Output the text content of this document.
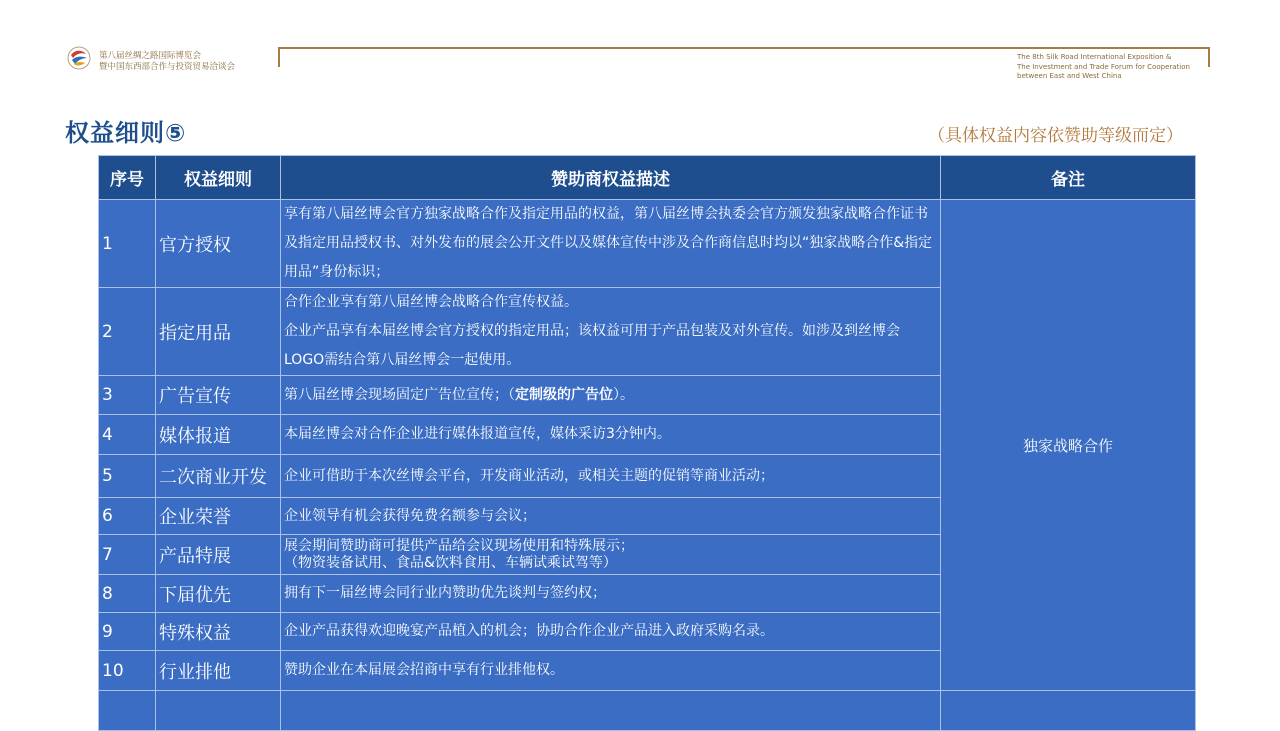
第八届丝绸之路国际博览会
暨中国东西部合作与投资贸易洽谈会
The 8th Silk Road International Exposition &
The Investment and Trade Forum for Cooperation
between East and West China
权益细则⑤	（具体权益内容依赞助等级而定）
序号	权益细则	赞助商权益描述	备注
1	官方授权	享有第八届丝博会官方独家战略合作及指定用品的权益，第八届丝博会执委会官方颁发独家战略合作证书及指定用品授权书、对外发布的展会公开文件以及媒体宣传中涉及合作商信息时均以“独家战略合作&指定用品”身份标识；	独家战略合作
2	指定用品	合作企业享有第八届丝博会战略合作宣传权益。
企业产品享有本届丝博会官方授权的指定用品；该权益可用于产品包装及对外宣传。如涉及到丝博会LOGO需结合第八届丝博会一起使用。	

3	广告宣传	第八届丝博会现场固定广告位宣传；（定制级的广告位）。	
4	媒体报道	本届丝博会对合作企业进行媒体报道宣传，媒体采访3分钟内。	

5	二次商业开发	企业可借助于本次丝博会平台，开发商业活动，或相关主题的促销等商业活动；	

6	企业荣誉	企业领导有机会获得免费名额参与会议；	

7	产品特展	展会期间赞助商可提供产品给会议现场使用和特殊展示；
（物资装备试用、食品&饮料食用、车辆试乘试驾等）	

8	下届优先	拥有下一届丝博会同行业内赞助优先谈判与签约权；	

9	特殊权益	企业产品获得欢迎晚宴产品植入的机会；协助合作企业产品进入政府采购名录。	

10	行业排他	赞助企业在本届展会招商中享有行业排他权。	
